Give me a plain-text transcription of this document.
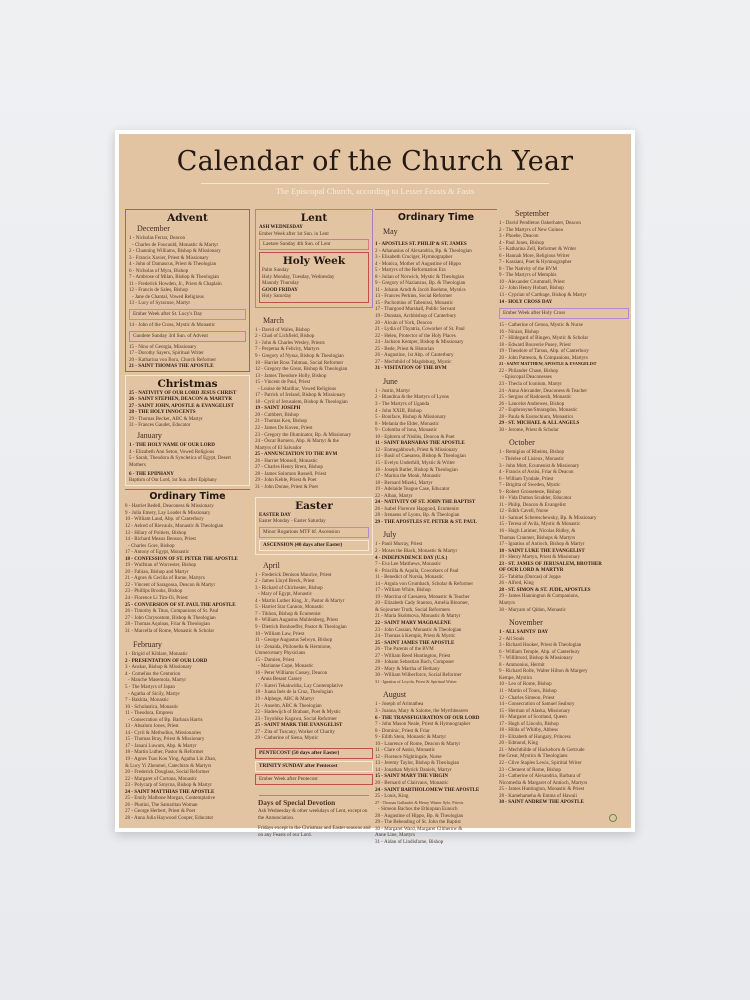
Calendar of the Church Year
The Episcopal Church, according to Lesser Feasts & Fasts
Advent
December
1 - Nicholas Ferrar, Deacon
- Charles de Foucauld, Monastic & Martyr
2 - Channing Williams, Bishop & Missionary
3 - Francis Xavier, Priest & Missionary
4 - John of Damascus, Priest & Theologian
6 - Nicholas of Myra, Bishop
7 - Ambrose of Milan, Bishop & Theologian
11 - Frederick Howden, Jr., Priest & Chaplain
12 - Francis de Sales, Bishop
- Jane de Chantal, Vowed Religious
13 - Lucy of Syracuse, Martyr
Ember Week after St. Lucy's Day
14 - John of the Cross, Mystic & Monastic
Gaudete Sunday 3rd Sun. of Advent
15 - Nino of Georgia, Missionary
17 - Dorothy Sayers, Spiritual Writer
20 - Katharina von Bora, Church Reformer
21 - SAINT THOMAS THE APOSTLE
Christmas
25 - NATIVITY OF OUR LORD JESUS CHRIST
26 - SAINT STEPHEN, DEACON & MARTYR
27 - SAINT JOHN, APOSTLE & EVANGELIST
28 - THE HOLY INNOCENTS
29 - Thomas Becket, ABC & Martyr
31 - Frances Gaudet, Educator
January
1 - THE HOLY NAME OF OUR LORD
4 - Elizabeth Ann Seton, Vowed Religious
5 - Sarah, Theodora & Syncletica of Egypt, Desert Mothers
6 - THE EPIPHANY
Baptism of Our Lord, 1st Sun. after Epiphany
Ordinary Time
8 - Harriet Bedell, Deaconess & Missionary
9 - Julia Emery, Lay Leader & Missionary
10 - William Laud, Abp. of Canterbury
12 - Aelred of Rievaulx, Monastic & Theologian
13 - Hilary of Poitiers, Bishop
14 - Richard Meaux Benson, Priest
- Charles Gore, Bishop
17 - Antony of Egypt, Monastic
18 - CONFESSION OF ST. PETER THE APOSTLE
19 - Wulfstan of Worcester, Bishop
20 - Fabian, Bishop and Martyr
21 - Agnes & Cecilia of Rome, Martyrs
22 - Vincent of Saragossa, Deacon & Martyr
23 - Phillips Brooks, Bishop
24 - Florence Li Tim-Oi, Priest
25 - CONVERSION OF ST. PAUL THE APOSTLE
26 - Timothy & Titus, Companions of St. Paul
27 - John Chrysostom, Bishop & Theologian
28 - Thomas Aquinas, Friar & Theologian
31 - Marcella of Rome, Monastic & Scholar
February
1 - Brigid of Kildare, Monastic
2 - PRESENTATION OF OUR LORD
3 - Anskar, Bishop & Missionary
4 - Cornelius the Centurion
- Manche Masemola, Martyr
5 - The Martyrs of Japan
- Agatha of Sicily, Martyr
7 - Bakhita, Monastic
10 - Scholastica, Monastic
11 - Theodora, Empress
- Consecration of Bp. Barbara Harris
13 - Absalom Jones, Priest
14 - Cyril & Methodius, Missionaries
15 - Thomas Bray, Priest & Missionary
17 - Janani Luwum, Abp. & Martyr
18 - Martin Luther, Pastor & Reformer
19 - Agnes Tsao Kou Ying, Agatha Lin Zhao,
& Lucy Yi Zhenmei, Catechists & Martyrs
20 - Frederick Douglass, Social Reformer
22 - Margaret of Cortona, Monastic
23 - Polycarp of Smyrna, Bishop & Martyr
24 - SAINT MATTHIAS THE APOSTLE
25 - Emily Malbone Morgan, Contemplative
26 - Photini, The Samaritan Woman
27 - George Herbert, Priest & Poet
28 - Anna Julia Haywood Cooper, Educator
Lent
ASH WEDNESDAY
Ember Week after 1st Sun. in Lent
Laetare Sunday 4th Sun. of Lent
Holy Week
Palm Sunday
Holy Monday, Tuesday, Wednesday
Maundy Thursday
GOOD FRIDAY
Holy Saturday
March
1 - David of Wales, Bishop
2 - Chad of Lichfield, Bishop
3 - John & Charles Wesley, Priests
7 - Perpetua & Felicity, Martyrs
9 - Gregory of Nyssa, Bishop & Theologian
10 - Harriet Ross Tubman, Social Reformer
12 - Gregory the Great, Bishop & Theologian
13 - James Theodore Holly, Bishop
15 - Vincent de Paul, Priest
- Louise de Marillac, Vowed Religious
17 - Patrick of Ireland, Bishop & Missionary
18 - Cyril of Jerusalem, Bishop & Theologian
19 - SAINT JOSEPH
20 - Cuthbert, Bishop
21 - Thomas Ken, Bishop
22 - James De Koven, Priest
23 - Gregory the Illuminator, Bp. & Missionary
24 - Óscar Romero, Abp. & Martyr & the
Martyrs of El Salvador
25 - ANNUNCIATION TO THE BVM
26 - Harriet Monsell, Monastic
27 - Charles Henry Brent, Bishop
28 - James Solomon Russell, Priest
29 - John Keble, Priest & Poet
31 - John Donne, Priest & Poet
Easter
EASTER DAY
Easter Monday - Easter Saturday
Minor Rogations MTF bf. Ascension
ASCENSION (40 days after Easter)
April
1 - Frederick Denison Maurice, Priest
2 - James Lloyd Breck, Priest
3 - Richard of Chichester, Bishop
- Mary of Egypt, Monastic
4 - Martin Luther King, Jr., Pastor & Martyr
5 - Harriet Star Cannon, Monastic
7 - Tikhon, Bishop & Ecumenist
8 - William Augustus Muhlenberg, Priest
9 - Dietrich Bonhoeffer, Pastor & Theologian
10 - William Law, Priest
11 - George Augustus Selwyn, Bishop
14 - Zenaida, Philonella & Hermione,
Unmercenary Physicians
15 - Damien, Priest
- Marianne Cope, Monastic
16 - Peter Williams Cassey, Deacon
- Anna Besant Cassey
17 - Kateri Tekakwitha, Lay Contemplative
18 - Juana Inés de la Cruz, Theologian
19 - Alphege, ABC & Martyr
21 - Anselm, ABC & Theologian
22 - Hadewijch of Brabant, Poet & Mystic
23 - Toyohiko Kagawa, Social Reformer
25 - SAINT MARK THE EVANGELIST
27 - Zita of Tuscany, Worker of Charity
29 - Catherine of Siena, Mystic
PENTECOST (50 days after Easter)
TRINITY SUNDAY after Pentecost
Ember Week after Pentecost
Days of Special Devotion
Ash Wednesday & other weekdays of Lent, except on the Annunciation.
Fridays except in the Christmas and Easter seasons and on any Feasts of our Lord.
Ordinary Time
May
1 - APOSTLES ST. PHILIP & ST. JAMES
2 - Athanasius of Alexandria, Bp. & Theologian
3 - Elisabeth Cruciger, Hymnographer
4 - Monica, Mother of Augustine of Hippo
5 - Martyrs of the Reformation Era
8 - Julian of Norwich, Mystic & Theologian
9 - Gregory of Nazianzus, Bp. & Theologian
11 - Johann Arndt & Jacob Boehme, Mystics
13 - Frances Perkins, Social Reformer
15 - Pachomius of Tabenissi, Monastic
17 - Thurgood Marshall, Public Servant
19 - Dunstan, Archbishop of Canterbury
20 - Alcuin of York, Deacon
21 - Lydia of Thyatria, Coworker of St. Paul
22 - Helen, Protector of the Holy Places
24 - Jackson Kemper, Bishop & Missionary
25 - Bede, Priest & Historian
26 - Augustine, 1st Abp. of Canterbury
27 - Mechthild of Magdeburg, Mystic
31 - VISITATION OF THE BVM
June
1 - Justin, Martyr
2 - Blandina & the Martyrs of Lyons
3 - The Martyrs of Uganda
4 - John XXIII, Bishop
5 - Boniface, Bishop & Missionary
8 - Melania the Elder, Monastic
9 - Columba of Iona, Monastic
10 - Ephrem of Nisibis, Deacon & Poet
11 - SAINT BARNABAS THE APOSTLE
12 - Enmegahbowh, Priest & Missionary
14 - Basil of Caesarea, Bishop & Theologian
15 - Evelyn Underhill, Mystic & Writer
16 - Joseph Butler, Bishop & Theologian
17 - Marina the Monk, Monastic
18 - Bernard Mizeki, Martyr
19 - Adelaide Teague Case, Educator
22 - Alban, Martyr
24 - NATIVITY OF ST. JOHN THE BAPTIST
26 - Isabel Florence Hapgood, Ecumenist
28 - Irenaeus of Lyons, Bp. & Theologian
29 - THE APOSTLES ST. PETER & ST. PAUL
July
1 - Pauli Murray, Priest
2 - Moses the Black, Monastic & Martyr
4 - INDEPENDENCE DAY (U.S.)
7 - Eva Lee Matthews, Monastic
8 - Priscilla & Aquila, Coworkers of Paul
11 - Benedict of Nursia, Monastic
14 - Argula von Grumbach, Scholar & Reformer
17 - William White, Bishop
19 - Macrina of Caesarea, Monastic & Teacher
20 - Elizabeth Cady Stanton, Amelia Bloomer,
& Sojourner Truth, Social Reformers
21 - Maria Skobtsova, Monastic & Martyr
22 - SAINT MARY MAGDALENE
23 - John Cassian, Monastic & Theologian
24 - Thomas à Kempis, Priest & Mystic
25 - SAINT JAMES THE APOSTLE
26 - The Parents of the BVM
27 - William Reed Huntington, Priest
28 - Johann Sebastian Bach, Composer
29 - Mary & Martha of Bethany
30 - William Wilberforce, Social Reformer
31 - Ignatius of Loyola, Priest & Spiritual Writer
August
1 - Joseph of Arimathea
3 - Joanna, Mary & Salome, the Myrrhbearers
6 - THE TRANSFIGURATION OF OUR LORD
7 - John Mason Neale, Priest & Hymnographer
8 - Dominic, Priest & Friar
9 - Edith Stein, Monastic & Martyr
10 - Laurence of Rome, Deacon & Martyr
11 - Clare of Assisi, Monastic
12 - Florence Nightingale, Nurse
13 - Jeremy Taylor, Bishop & Theologian
14 - Jonathan Myrick Daniels, Martyr
15 - SAINT MARY THE VIRGIN
20 - Bernard of Clairvaux, Monastic
24 - SAINT BARTHOLOMEW THE APOSTLE
25 - Louis, King
27 - Thomas Gallaudet & Henry Winter Syle, Priests
- Simeon Bachos the Ethiopian Eunuch
28 - Augustine of Hippo, Bp. & Theologian
29 - The Beheading of St. John the Baptist
30 - Margaret Ward, Margaret Clitherow &
Anne Line, Martyrs
31 - Aidan of Lindisfarne, Bishop
September
1 - David Pendleton Oakerhater, Deacon
2 - The Martyrs of New Guinea
3 - Phoebe, Deacon
4 - Paul Jones, Bishop
5 - Katharina Zell, Reformer & Writer
6 - Hannah More, Religious Writer
7 - Kassiani, Poet & Hymnographer
8 - The Nativity of the BVM
9 - The Martyrs of Memphis
10 - Alexander Crummell, Priest
12 - John Henry Hobart, Bishop
13 - Cyprian of Carthage, Bishop & Martyr
14 - HOLY CROSS DAY
Ember Week after Holy Cross
15 - Catherine of Genoa, Mystic & Nurse
16 - Ninian, Bishop
17 - Hildegard of Bingen, Mystic & Scholar
18 - Edward Bouverie Pusey, Priest
19 - Theodore of Tarsus, Abp. of Canterbury
20 - John Patteson, & Companions, Martyrs
21 - SAINT MATTHEW, APOSTLE & EVANGELIST
22 - Philander Chase, Bishop
- Episcopal Deaconesses
23 - Thecla of Iconium, Martyr
24 - Anna Alexander, Deaconess & Teacher
25 - Sergius of Radonezh, Monastic
26 - Lancelot Andrewes, Bishop
27 - Euphrosyne/Smaragdus, Monastic
28 - Paula & Eustochium, Monastics
29 - ST. MICHAEL & ALL ANGELS
30 - Jerome, Priest & Scholar
October
1 - Remigius of Rheims, Bishop
- Thérèse of Lisieux, Monastic
3 - John Mott, Ecumenist & Missionary
4 - Francis of Assisi, Friar & Deacon
6 - William Tyndale, Priest
7 - Brigitta of Sweden, Mystic
9 - Robert Grosseteste, Bishop
10 - Vida Dutton Scudder, Educator
11 - Philip, Deacon & Evangelist
12 - Edith Cavell, Nurse
14 - Samuel Schereschewsky, Bp. & Missionary
15 - Teresa of Avila, Mystic & Monastic
16 - Hugh Latimer, Nicolas Ridley, &
Thomas Cranmer, Bishops & Martyrs
17 - Ignatius of Antioch, Bishop & Martyr
18 - SAINT LUKE THE EVANGELIST
19 - Henry Martyn, Priest & Missionary
23 - ST. JAMES OF JERUSALEM, BROTHER
OF OUR LORD & MARTYR
25 - Tabitha (Dorcas) of Joppa
26 - Alfred, King
28 - ST. SIMON & ST. JUDE, APOSTLES
29 - James Hannington & Companions,
Martyrs
30 - Maryam of Qidun, Monastic
November
1 - ALL SAINTS' DAY
2 - All Souls
3 - Richard Hooker, Priest & Theologian
6 - William Temple, Abp. of Canterbury
7 - Willibrord, Bishop & Missionary
8 - Ammonius, Hermit
9 - Richard Rolle, Walter Hilton & Margery
Kempe, Mystics
10 - Leo of Rome, Bishop
11 - Martin of Tours, Bishop
12 - Charles Simeon, Priest
14 - Consecration of Samuel Seabury
15 - Herman of Alaska, Missionary
16 - Margaret of Scotland, Queen
17 - Hugh of Lincoln, Bishop
18 - Hilda of Whitby, Abbess
19 - Elizabeth of Hungary, Princess
20 - Edmund, King
21 - Mechthilde of Hackeborn & Gertrude
the Great, Mystics & Theologians
22 - Clive Staples Lewis, Spiritial Writer
23 - Clement of Rome, Bishop
24 - Catherine of Alexandria, Barbara of
Nicomedia & Margaret of Antioch, Martyrs
25 - James Huntington, Monastic & Priest
28 - Kamehameha & Emma of Hawaii
30 - SAINT ANDREW THE APOSTLE
